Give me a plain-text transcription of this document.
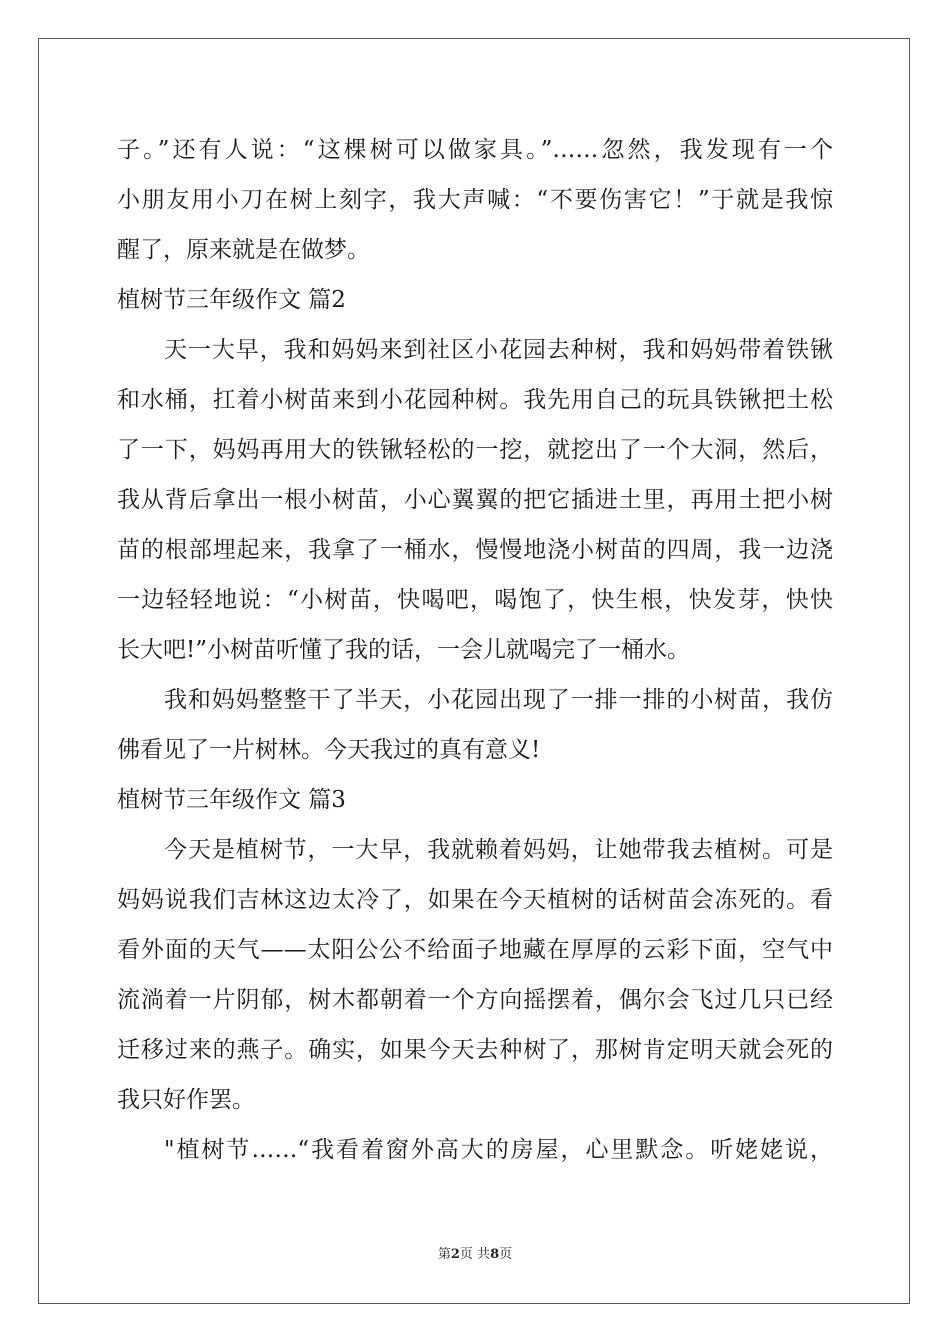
子。”还有人说：“这棵树可以做家具。”……忽然，我发现有一个
小朋友用小刀在树上刻字，我大声喊：“不要伤害它！”于就是我惊
醒了，原来就是在做梦。
植树节三年级作文 篇2
天一大早，我和妈妈来到社区小花园去种树，我和妈妈带着铁锹
和水桶，扛着小树苗来到小花园种树。我先用自己的玩具铁锹把土松
了一下，妈妈再用大的铁锹轻松的一挖，就挖出了一个大洞，然后，
我从背后拿出一根小树苗，小心翼翼的把它插进土里，再用土把小树
苗的根部埋起来，我拿了一桶水，慢慢地浇小树苗的四周，我一边浇
一边轻轻地说：“小树苗，快喝吧，喝饱了，快生根，快发芽，快快
长大吧!”小树苗听懂了我的话，一会儿就喝完了一桶水。
我和妈妈整整干了半天，小花园出现了一排一排的小树苗，我仿
佛看见了一片树林。今天我过的真有意义!
植树节三年级作文 篇3
今天是植树节，一大早，我就赖着妈妈，让她带我去植树。可是
妈妈说我们吉林这边太冷了，如果在今天植树的话树苗会冻死的。看
看外面的天气——太阳公公不给面子地藏在厚厚的云彩下面，空气中
流淌着一片阴郁，树木都朝着一个方向摇摆着，偶尔会飞过几只已经
迁移过来的燕子。确实，如果今天去种树了，那树肯定明天就会死的
我只好作罢。
"植树节……“我看着窗外高大的房屋，心里默念。听姥姥说，
第2页 共8页
